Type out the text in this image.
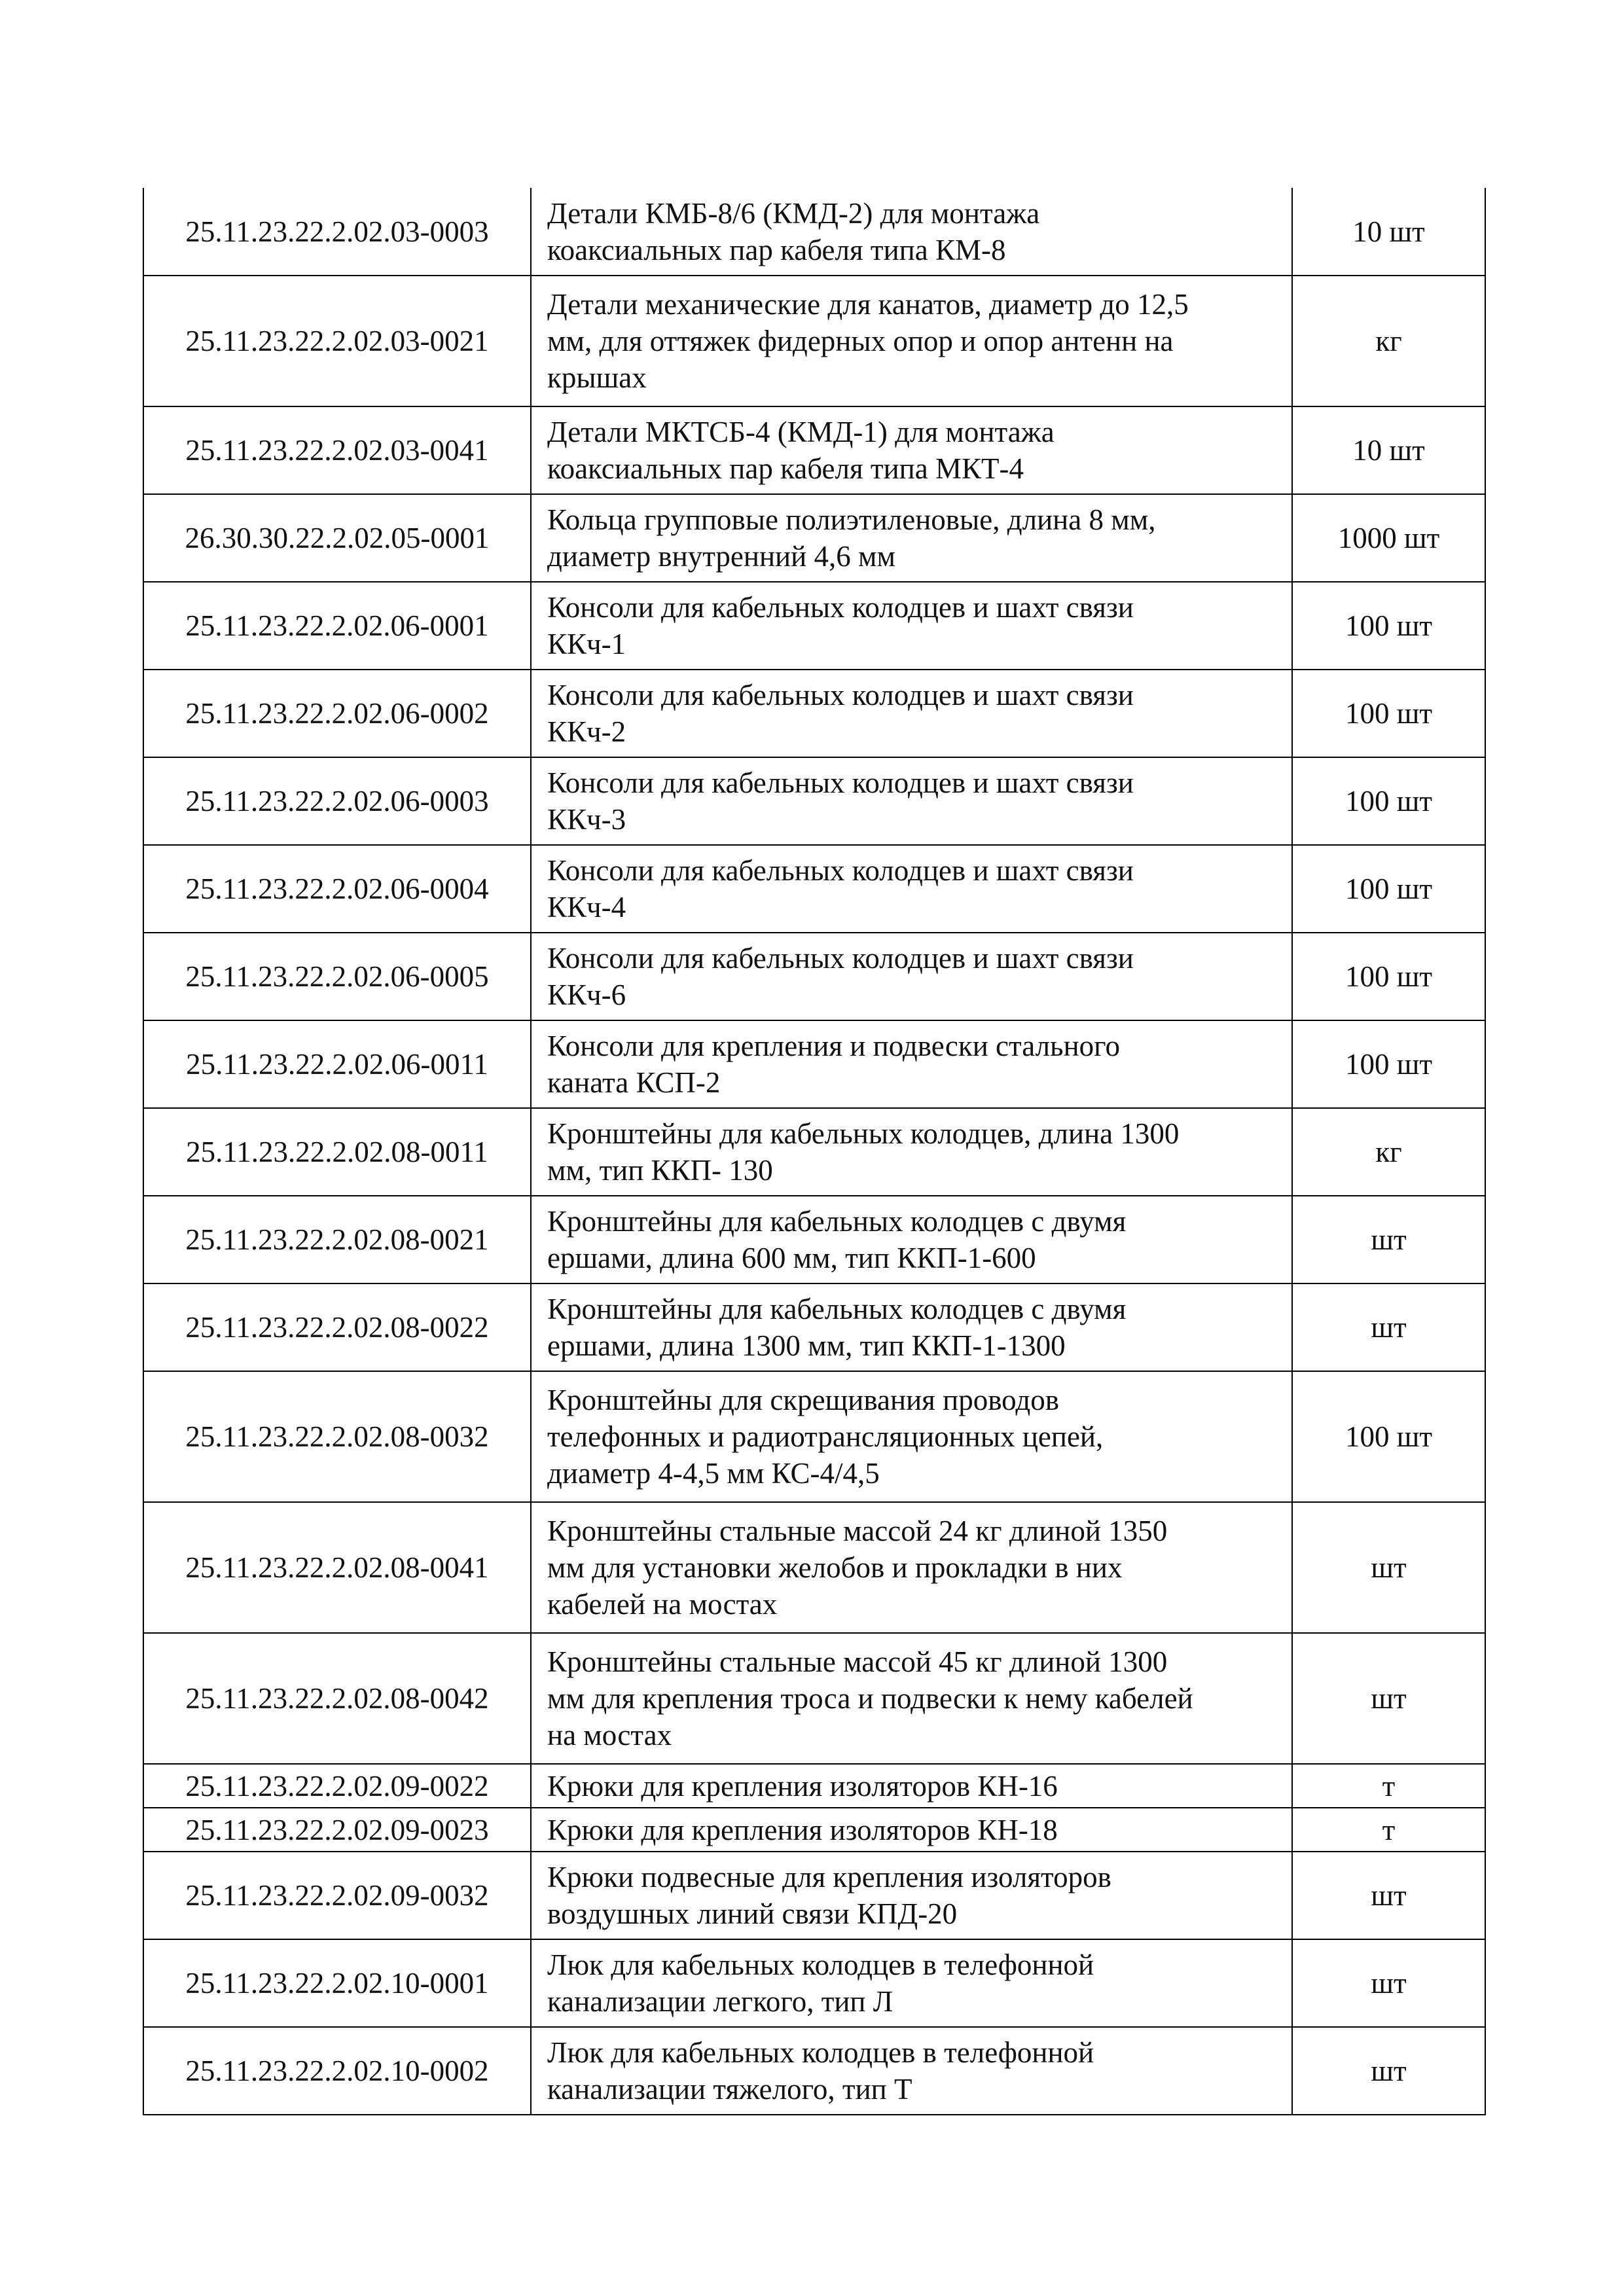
25.11.23.22.2.02.03-0003	Детали КМБ-8/6 (КМД-2) для монтажа
коаксиальных пар кабеля типа КМ-8	10 шт
25.11.23.22.2.02.03-0021	Детали механические для канатов, диаметр до 12,5
мм, для оттяжек фидерных опор и опор антенн на
крышах	кг
25.11.23.22.2.02.03-0041	Детали МКТСБ-4 (КМД-1) для монтажа
коаксиальных пар кабеля типа МКТ-4	10 шт
26.30.30.22.2.02.05-0001	Кольца групповые полиэтиленовые, длина 8 мм,
диаметр внутренний 4,6 мм	1000 шт
25.11.23.22.2.02.06-0001	Консоли для кабельных колодцев и шахт связи
ККч-1	100 шт
25.11.23.22.2.02.06-0002	Консоли для кабельных колодцев и шахт связи
ККч-2	100 шт
25.11.23.22.2.02.06-0003	Консоли для кабельных колодцев и шахт связи
ККч-3	100 шт
25.11.23.22.2.02.06-0004	Консоли для кабельных колодцев и шахт связи
ККч-4	100 шт
25.11.23.22.2.02.06-0005	Консоли для кабельных колодцев и шахт связи
ККч-6	100 шт
25.11.23.22.2.02.06-0011	Консоли для крепления и подвески стального
каната КСП-2	100 шт
25.11.23.22.2.02.08-0011	Кронштейны для кабельных колодцев, длина 1300
мм, тип ККП- 130	кг
25.11.23.22.2.02.08-0021	Кронштейны для кабельных колодцев с двумя
ершами, длина 600 мм, тип ККП-1-600	шт
25.11.23.22.2.02.08-0022	Кронштейны для кабельных колодцев с двумя
ершами, длина 1300 мм, тип ККП-1-1300	шт
25.11.23.22.2.02.08-0032	Кронштейны для скрещивания проводов
телефонных и радиотрансляционных цепей,
диаметр 4-4,5 мм КС-4/4,5	100 шт
25.11.23.22.2.02.08-0041	Кронштейны стальные массой 24 кг длиной 1350
мм для установки желобов и прокладки в них
кабелей на мостах	шт
25.11.23.22.2.02.08-0042	Кронштейны стальные массой 45 кг длиной 1300
мм для крепления троса и подвески к нему кабелей
на мостах	шт
25.11.23.22.2.02.09-0022	Крюки для крепления изоляторов КН-16	т
25.11.23.22.2.02.09-0023	Крюки для крепления изоляторов КН-18	т
25.11.23.22.2.02.09-0032	Крюки подвесные для крепления изоляторов
воздушных линий связи КПД-20	шт
25.11.23.22.2.02.10-0001	Люк для кабельных колодцев в телефонной
канализации легкого, тип Л	шт
25.11.23.22.2.02.10-0002	Люк для кабельных колодцев в телефонной
канализации тяжелого, тип Т	шт
